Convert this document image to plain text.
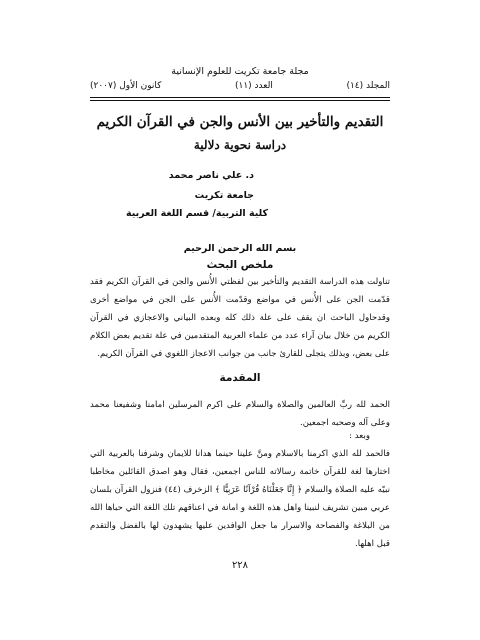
مجلة جامعة تكريت للعلوم الإنسانية
كانون الأول (٢٠٠٧)	العدد (١١)	المجلد (١٤)
التقديم والتأخير بين الأنس والجن في القرآن الكريم
دراسة نحوية دلالية
د. علي ناصر محمد
جامعة تكريت
كلية التربية/ قسم اللغة العربية
بسم الله الرحمن الرحيم
ملخص البحث

تناولت هذه الدراسة التقديم والتأخير بين لفظتي الأُنس والجن في القرآن الكريم فقد قدّمت الجن على الأُنس في مواضع وقدّمت الأُنس على الجن في مواضع أخرى وقدحاول الباحث ان يقف على علة ذلك كله وبعده البياني والاعجازي في القرآن الكريم من خلال بيان آراء عدد من علماء العربية المتقدمين في علة تقديم بعض الكلام على بعض، وبذلك يتجلى للقارئ جانب من جوانب الاعجاز اللغوي في القرآن الكريم.

المقدمة

الحمد لله ربِّ العالمين والصلاة والسلام على اكرم المرسلين امامنا وشفيعنا محمد وعلى آله وصحبه اجمعين.

وبعد :

فالحمد لله الذي اكرمنا بالاسلام ومنَّ علينا حينما هدانا للايمان وشرفنا بالعربية التي اختارها لغة للقرآن خاتمة رسالاته للناس اجمعين، فقال وهو اصدق القائلين مخاطبا نبيّه عليه الصلاة والسلام ﴿ إِنَّا جَعَلْنَاهُ قُرْآنًا عَرَبِيًّا ﴾ الزخرف (٤٤) فنزول القرآن بلسان عربي مبين تشريف لنبينا واهل هذه اللغة و امانة في اعناقهم تلك اللغة التي حباها الله من البلاغة والفصاحة والاسرار ما جعل الوافدين عليها يشهدون لها بالفضل والتقدم قبل اهلها.

٢٢٨
